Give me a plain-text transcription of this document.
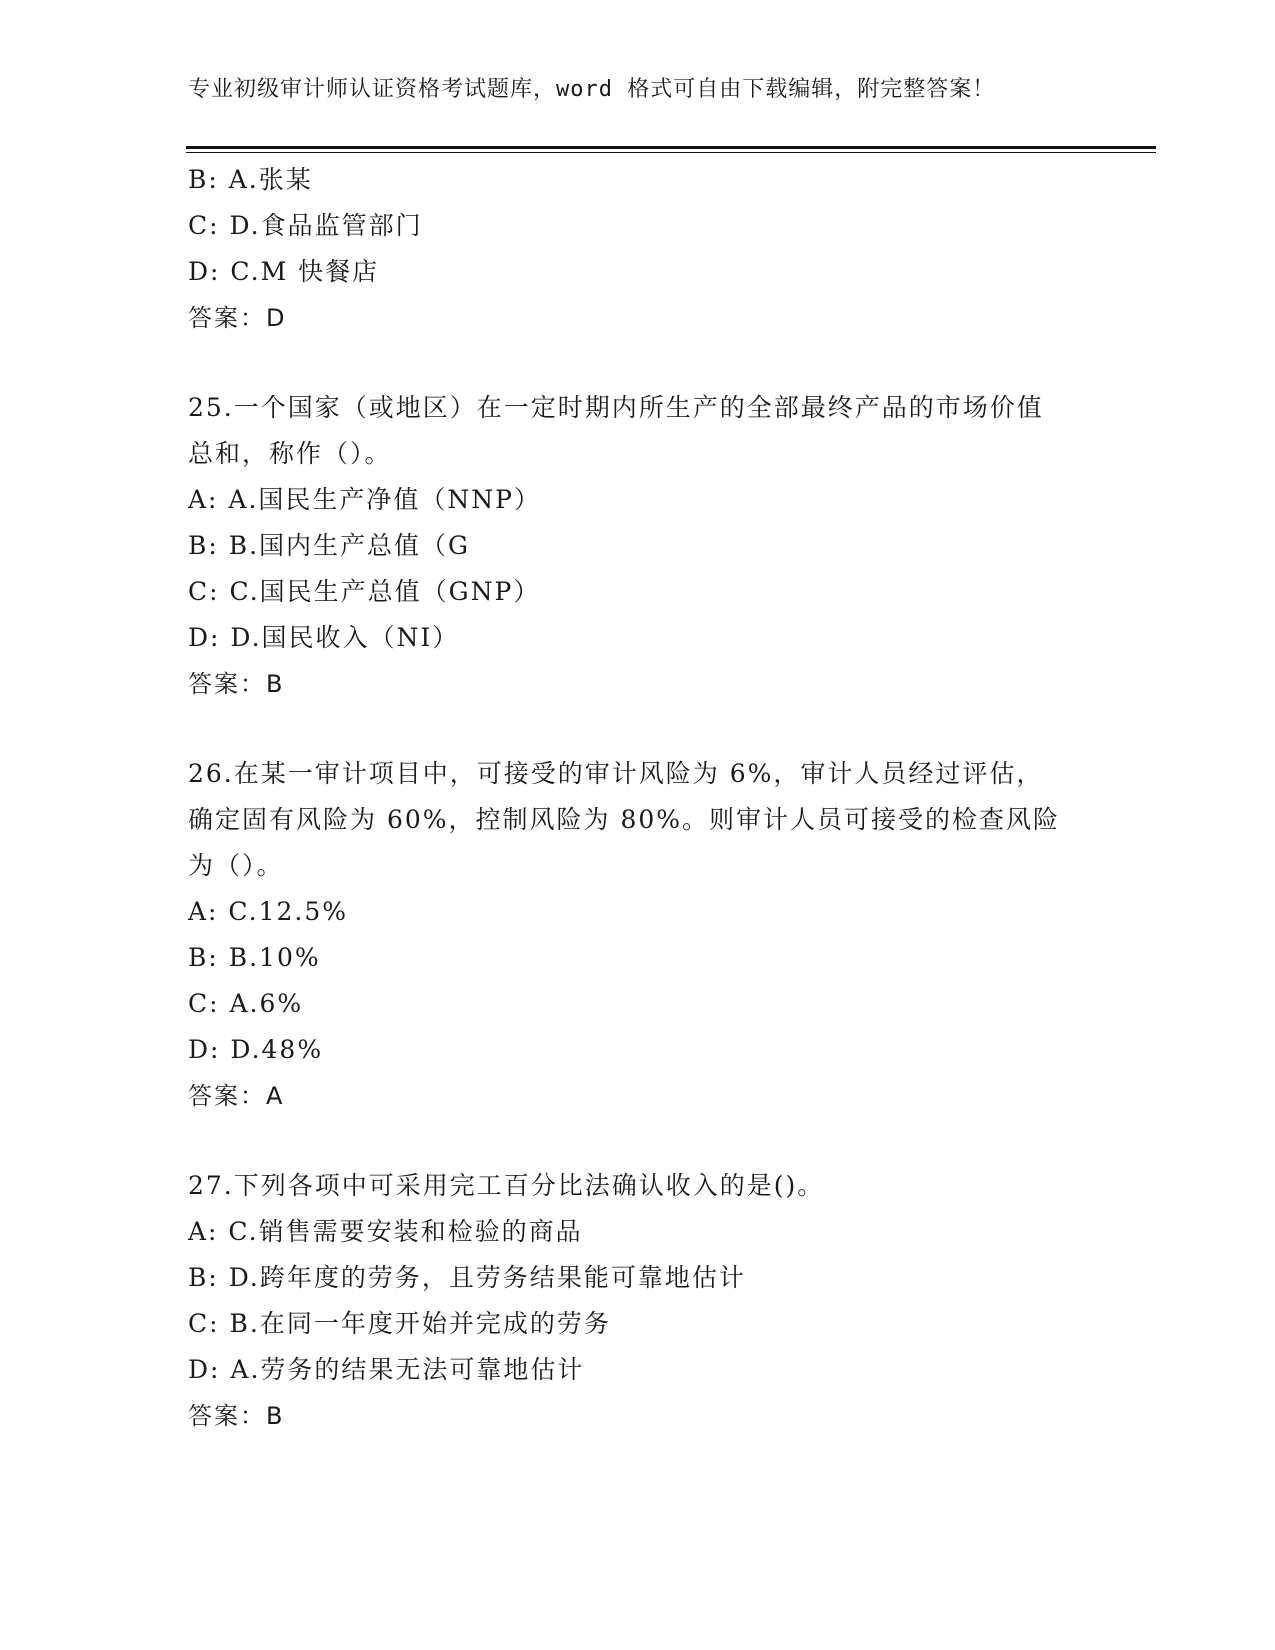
专业初级审计师认证资格考试题库，word 格式可自由下载编辑，附完整答案！
B: A.张某
C: D.食品监管部门
D: C.M 快餐店
答案：D
25.一个国家（或地区）在一定时期内所生产的全部最终产品的市场价值总和，称作（）。
A: A.国民生产净值（NNP）
B: B.国内生产总值（G
C: C.国民生产总值（GNP）
D: D.国民收入（NI）
答案：B
26.在某一审计项目中，可接受的审计风险为 6%，审计人员经过评估，确定固有风险为 60%，控制风险为 80%。则审计人员可接受的检查风险为（）。
A: C.12.5%
B: B.10%
C: A.6%
D: D.48%
答案：A
27.下列各项中可采用完工百分比法确认收入的是()。
A: C.销售需要安装和检验的商品
B: D.跨年度的劳务，且劳务结果能可靠地估计
C: B.在同一年度开始并完成的劳务
D: A.劳务的结果无法可靠地估计
答案：B
